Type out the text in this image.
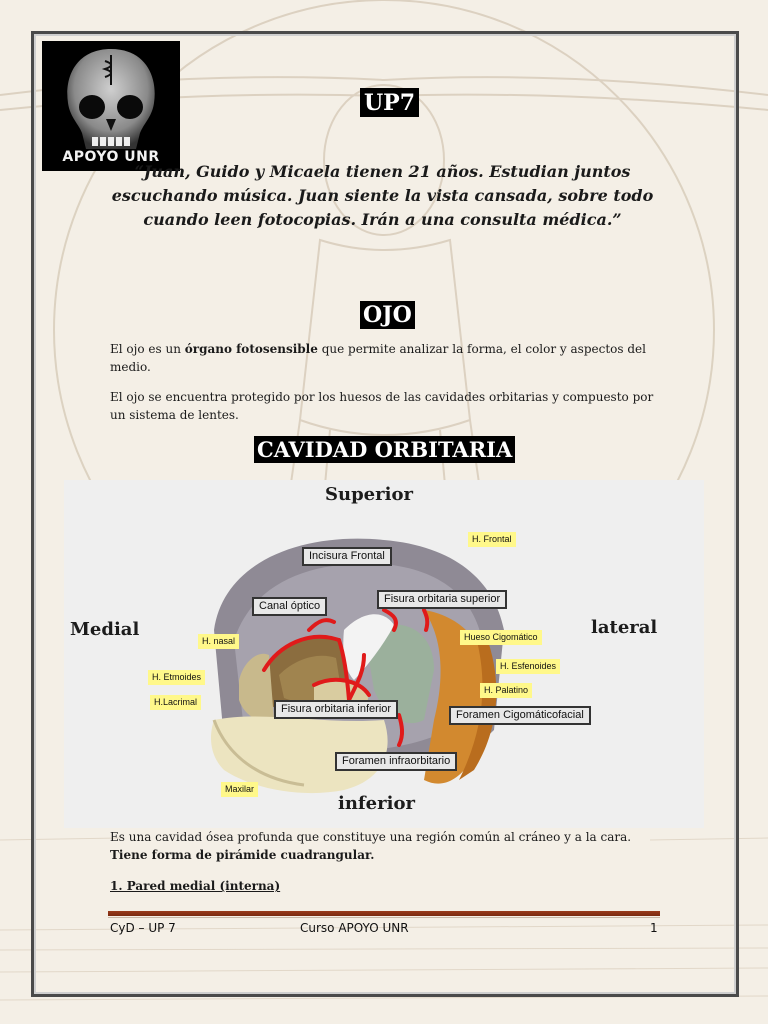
APOYO UNR
UP7
“Juan, Guido y Micaela tienen 21 años. Estudian juntos escuchando música. Juan siente la vista cansada, sobre todo cuando leen fotocopias. Irán a una consulta médica.”
OJO
El ojo es un órgano fotosensible que permite analizar la forma, el color y aspectos del medio.
El ojo se encuentra protegido por los huesos de las cavidades orbitarias y compuesto por un sistema de lentes.
CAVIDAD ORBITARIA
Superior
Medial	lateral
inferior
H. Frontal
Incisura Frontal
Canal óptico
Fisura orbitaria superior
H. nasal	Hueso Cigomático
H. Etmoides
H. Esfenoides
H.Lacrimal
H. Palatino
Fisura orbitaria inferior	Foramen Cigomáticofacial
Foramen infraorbitario
Maxilar
Es una cavidad ósea profunda que constituye una región común al cráneo y a la cara. Tiene forma de pirámide cuadrangular.
1. Pared medial (interna)
CyD – UP 7	Curso APOYO UNR	1
